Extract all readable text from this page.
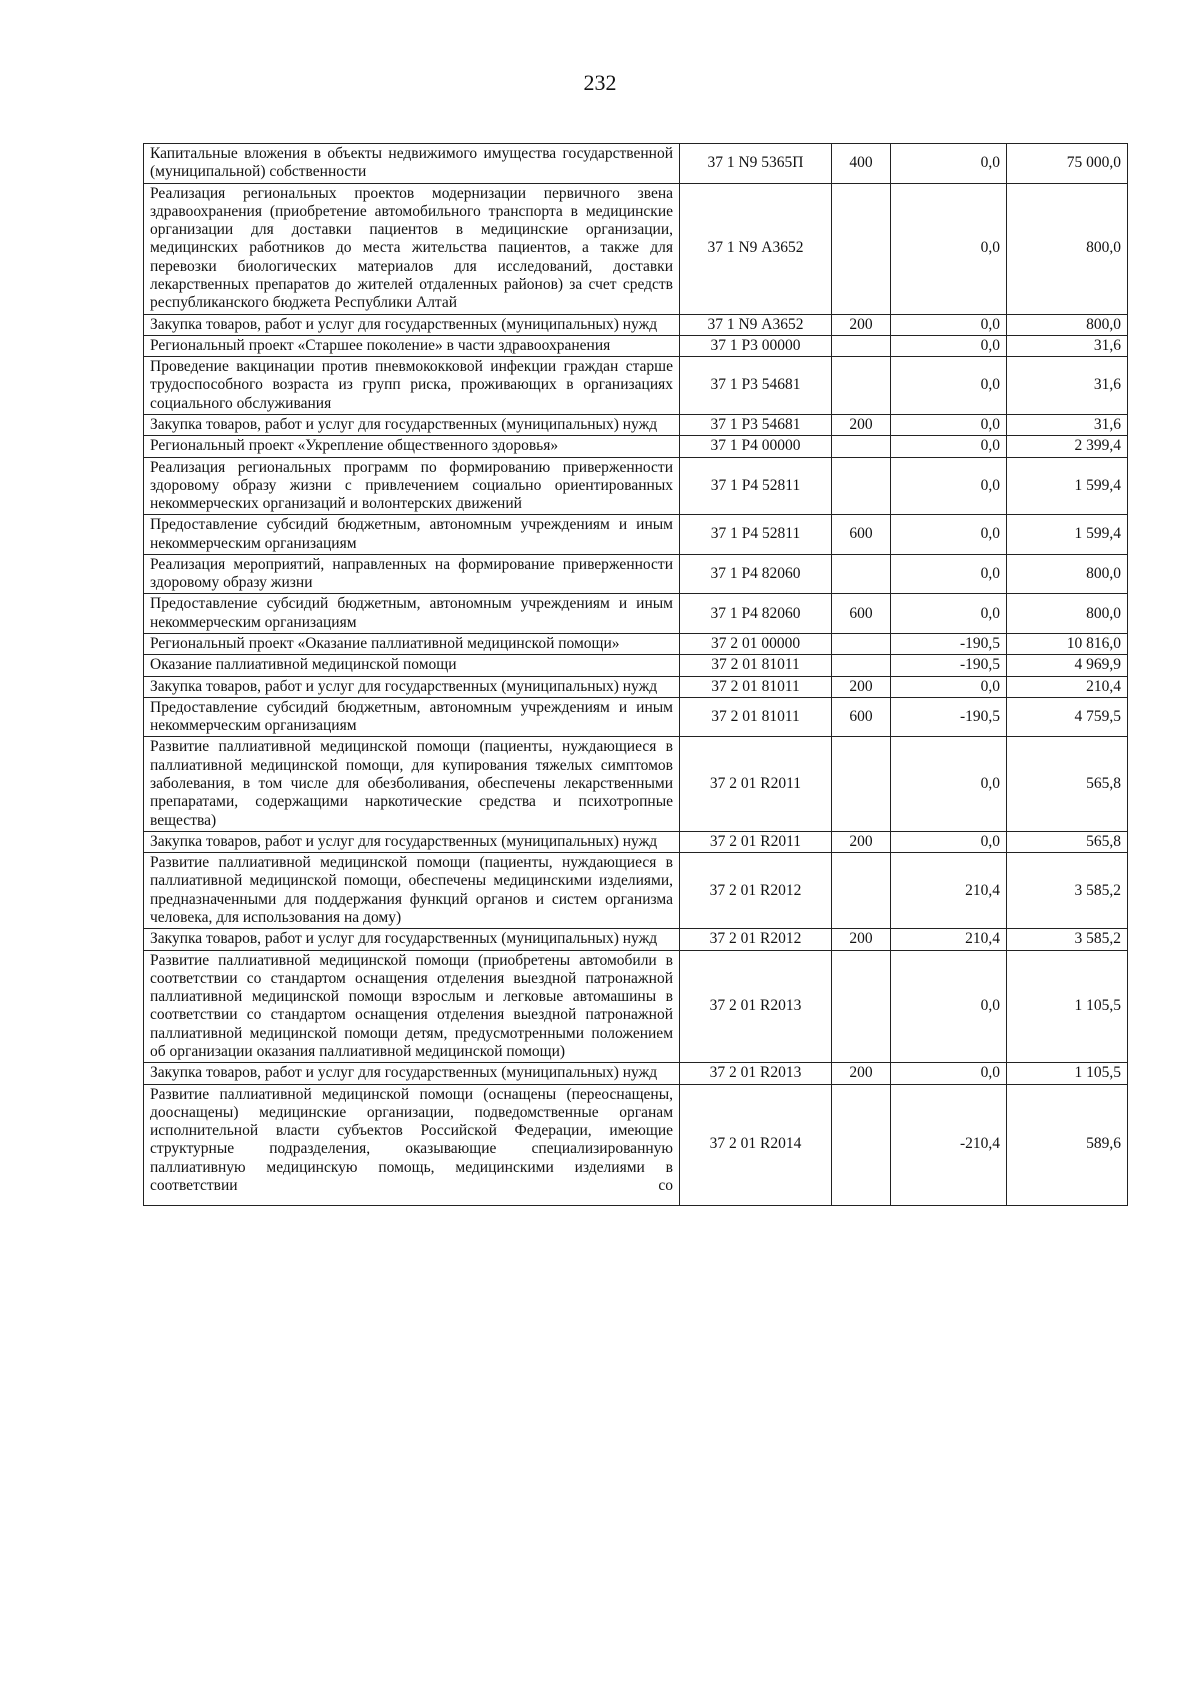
232
Капитальные вложения в объекты недвижимого имущества государственной (муниципальной) собственности	37 1 N9 5365П	400	0,0	75 000,0
Реализация региональных проектов модернизации первичного звена здравоохранения (приобретение автомобильного транспорта в медицинские организации для доставки пациентов в медицинские организации, медицинских работников до места жительства пациентов, а также для перевозки биологических материалов для исследований, доставки лекарственных препаратов до жителей отдаленных районов) за счет средств республиканского бюджета Республики Алтай	37 1 N9 А3652		0,0	800,0
Закупка товаров, работ и услуг для государственных (муниципальных) нужд	37 1 N9 А3652	200	0,0	800,0
Региональный проект «Старшее поколение» в части здравоохранения	37 1 P3 00000		0,0	31,6
Проведение вакцинации против пневмококковой инфекции граждан старше трудоспособного возраста из групп риска, проживающих в организациях социального обслуживания	37 1 P3 54681		0,0	31,6
Закупка товаров, работ и услуг для государственных (муниципальных) нужд	37 1 P3 54681	200	0,0	31,6
Региональный проект «Укрепление общественного здоровья»	37 1 P4 00000		0,0	2 399,4
Реализация региональных программ по формированию приверженности здоровому образу жизни с привлечением социально ориентированных некоммерческих организаций и волонтерских движений	37 1 P4 52811		0,0	1 599,4
Предоставление субсидий бюджетным, автономным учреждениям и иным некоммерческим организациям	37 1 P4 52811	600	0,0	1 599,4
Реализация мероприятий, направленных на формирование приверженности здоровому образу жизни	37 1 P4 82060		0,0	800,0
Предоставление субсидий бюджетным, автономным учреждениям и иным некоммерческим организациям	37 1 P4 82060	600	0,0	800,0
Региональный проект «Оказание паллиативной медицинской помощи»	37 2 01 00000		-190,5	10 816,0
Оказание паллиативной медицинской помощи	37 2 01 81011		-190,5	4 969,9
Закупка товаров, работ и услуг для государственных (муниципальных) нужд	37 2 01 81011	200	0,0	210,4
Предоставление субсидий бюджетным, автономным учреждениям и иным некоммерческим организациям	37 2 01 81011	600	-190,5	4 759,5
Развитие паллиативной медицинской помощи (пациенты, нуждающиеся в паллиативной медицинской помощи, для купирования тяжелых симптомов заболевания, в том числе для обезболивания, обеспечены лекарственными препаратами, содержащими наркотические средства и психотропные вещества)	37 2 01 R2011		0,0	565,8
Закупка товаров, работ и услуг для государственных (муниципальных) нужд	37 2 01 R2011	200	0,0	565,8
Развитие паллиативной медицинской помощи (пациенты, нуждающиеся в паллиативной медицинской помощи, обеспечены медицинскими изделиями, предназначенными для поддержания функций органов и систем организма человека, для использования на дому)	37 2 01 R2012		210,4	3 585,2
Закупка товаров, работ и услуг для государственных (муниципальных) нужд	37 2 01 R2012	200	210,4	3 585,2
Развитие паллиативной медицинской помощи (приобретены автомобили в соответствии со стандартом оснащения отделения выездной патронажной паллиативной медицинской помощи взрослым и легковые автомашины в соответствии со стандартом оснащения отделения выездной патронажной паллиативной медицинской помощи детям, предусмотренными положением об организации оказания паллиативной медицинской помощи)	37 2 01 R2013		0,0	1 105,5
Закупка товаров, работ и услуг для государственных (муниципальных) нужд	37 2 01 R2013	200	0,0	1 105,5
Развитие паллиативной медицинской помощи (оснащены (переоснащены, дооснащены) медицинские организации, подведомственные органам исполнительной власти субъектов Российской Федерации, имеющие структурные подразделения, оказывающие специализированную паллиативную медицинскую помощь, медицинскими изделиями в соответствии со	37 2 01 R2014		-210,4	589,6
